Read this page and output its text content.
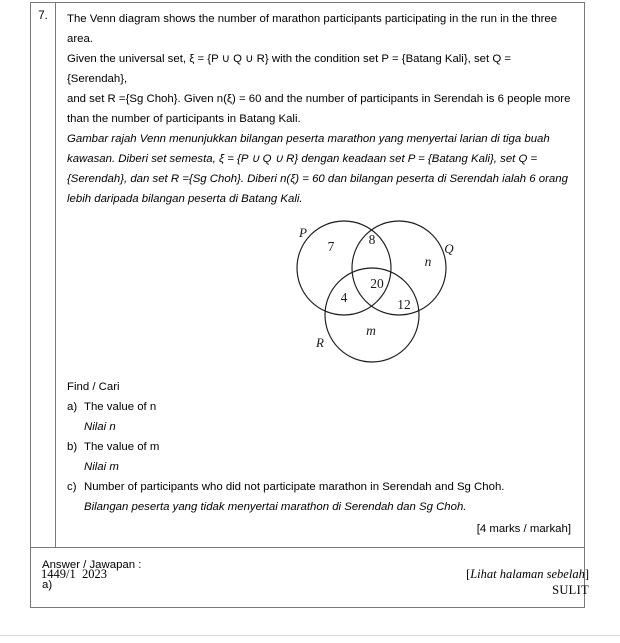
7.	The Venn diagram shows the number of marathon participants participating in the run in the three area.
Given the universal set, ξ = {P ∪ Q ∪ R} with the condition set P = {Batang Kali}, set Q = {Serendah},
and set R ={Sg Choh}. Given n(ξ) = 60 and the number of participants in Serendah is 6 people more
than the number of participants in Batang Kali.
Gambar rajah Venn menunjukkan bilangan peserta marathon yang menyertai larian di tiga buah
kawasan. Diberi set semesta, ξ = {P ∪ Q ∪ R} dengan keadaan set P = {Batang Kali}, set Q =
{Serendah}, dan set R ={Sg Choh}. Diberi n(ξ) = 60 dan bilangan peserta di Serendah ialah 6 orang
lebih daripada bilangan peserta di Batang Kali.
P
Q
R
7	8
n
4
20
12
m
Find / Cari
a) The value of n
Nilai n
b) The value of m
Nilai m
c) Number of participants who did not participate marathon in Serendah and Sg Choh.
Bilangan peserta yang tidak menyertai marathon di Serendah dan Sg Choh.
[4 marks / markah]

Answer / Jawapan :
a)
1449/1  2023	[Lihat halaman sebelah]
SULIT
